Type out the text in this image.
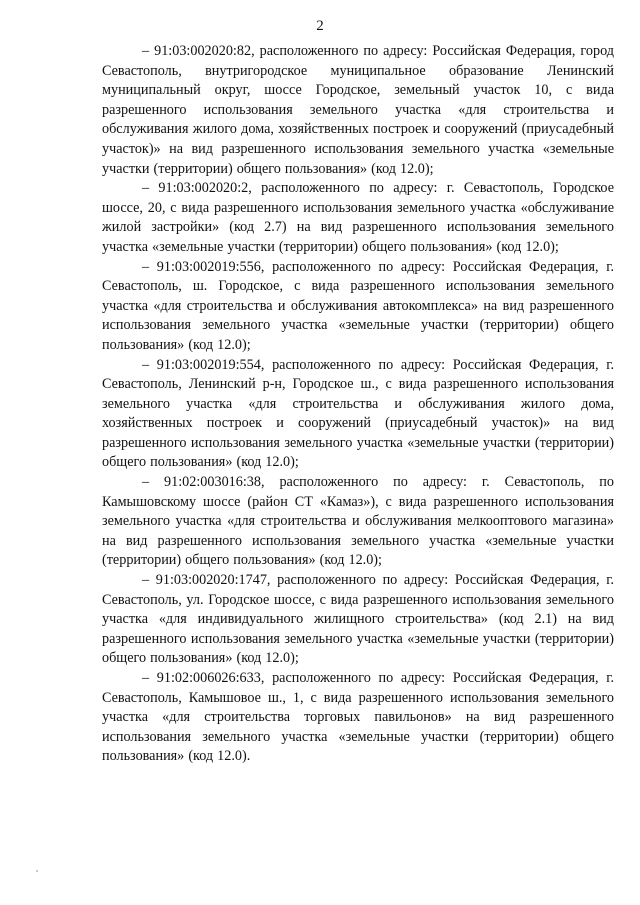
2

– 91:03:002020:82, расположенного по адресу: Российская Федерация, город Севастополь, внутригородское муниципальное образование Ленинский муниципальный округ, шоссе Городское, земельный участок 10, с вида разрешенного использования земельного участка «для строительства и обслуживания жилого дома, хозяйственных построек и сооружений (приусадебный участок)» на вид разрешенного использования земельного участка «земельные участки (территории) общего пользования» (код 12.0);

– 91:03:002020:2, расположенного по адресу: г. Севастополь, Городское шоссе, 20, с вида разрешенного использования земельного участка «обслуживание жилой застройки» (код 2.7) на вид разрешенного использования земельного участка «земельные участки (территории) общего пользования» (код 12.0);

– 91:03:002019:556, расположенного по адресу: Российская Федерация, г. Севастополь, ш. Городское, с вида разрешенного использования земельного участка «для строительства и обслуживания автокомплекса» на вид разрешенного использования земельного участка «земельные участки (территории) общего пользования» (код 12.0);

– 91:03:002019:554, расположенного по адресу: Российская Федерация, г. Севастополь, Ленинский р-н, Городское ш., с вида разрешенного использования земельного участка «для строительства и обслуживания жилого дома, хозяйственных построек и сооружений (приусадебный участок)» на вид разрешенного использования земельного участка «земельные участки (территории) общего пользования» (код 12.0);

– 91:02:003016:38, расположенного по адресу: г. Севастополь, по Камышовскому шоссе (район СТ «Камаз»), с вида разрешенного использования земельного участка «для строительства и обслуживания мелкооптового магазина» на вид разрешенного использования земельного участка «земельные участки (территории) общего пользования» (код 12.0);

– 91:03:002020:1747, расположенного по адресу: Российская Федерация, г. Севастополь, ул. Городское шоссе, с вида разрешенного использования земельного участка «для индивидуального жилищного строительства» (код 2.1) на вид разрешенного использования земельного участка «земельные участки (территории) общего пользования» (код 12.0);

– 91:02:006026:633, расположенного по адресу: Российская Федерация, г. Севастополь, Камышовое ш., 1, с вида разрешенного использования земельного участка «для строительства торговых павильонов» на вид разрешенного использования земельного участка «земельные участки (территории) общего пользования» (код 12.0).
